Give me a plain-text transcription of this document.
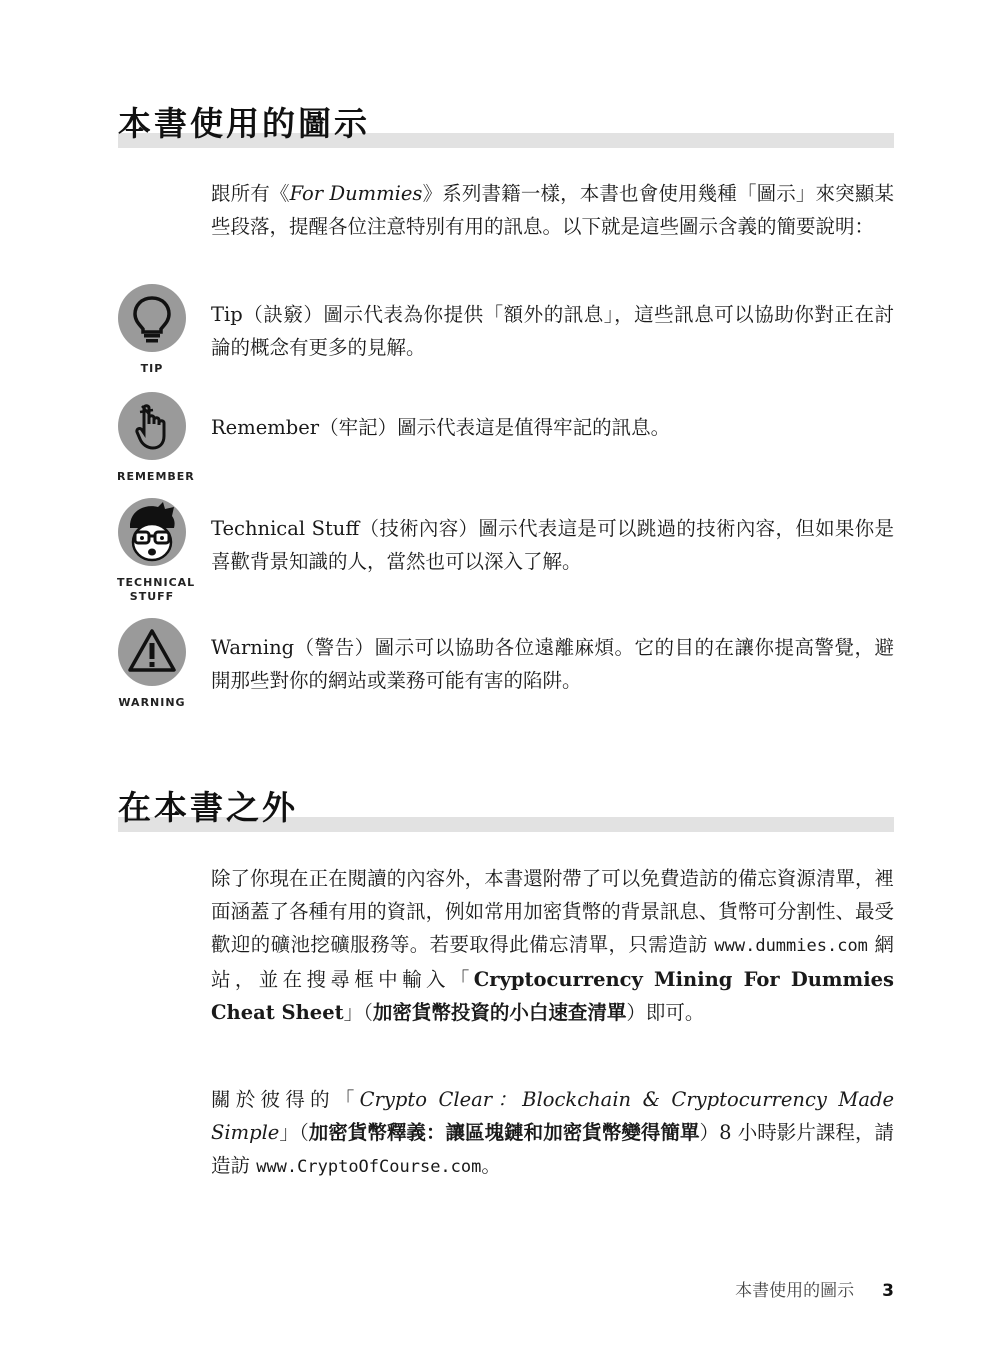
本書使用的圖示

跟所有《For Dummies》系列書籍一樣，本書也會使用幾種「圖示」來突顯某些段落，提醒各位注意特別有用的訊息。以下就是這些圖示含義的簡要說明：

TIP

Tip（訣竅）圖示代表為你提供「額外的訊息」，這些訊息可以協助你對正在討論的概念有更多的見解。

REMEMBER

Remember（牢記）圖示代表這是值得牢記的訊息。

TECHNICAL
STUFF

Technical Stuff（技術內容）圖示代表這是可以跳過的技術內容，但如果你是喜歡背景知識的人，當然也可以深入了解。

WARNING

Warning（警告）圖示可以協助各位遠離麻煩。它的目的在讓你提高警覺，避開那些對你的網站或業務可能有害的陷阱。

在本書之外

除了你現在正在閱讀的內容外，本書還附帶了可以免費造訪的備忘資源清單，裡面涵蓋了各種有用的資訊，例如常用加密貨幣的背景訊息、貨幣可分割性、最受歡迎的礦池挖礦服務等。若要取得此備忘清單，只需造訪 www.dummies.com 網站，並在搜尋框中輸入「Cryptocurrency Mining For Dummies Cheat Sheet」（加密貨幣投資的小白速查清單）即可。

關於彼得的「Crypto Clear：Blockchain & Cryptocurrency Made Simple」（加密貨幣釋義：讓區塊鏈和加密貨幣變得簡單）8 小時影片課程，請造訪 www.CryptoOfCourse.com。

本書使用的圖示 3
